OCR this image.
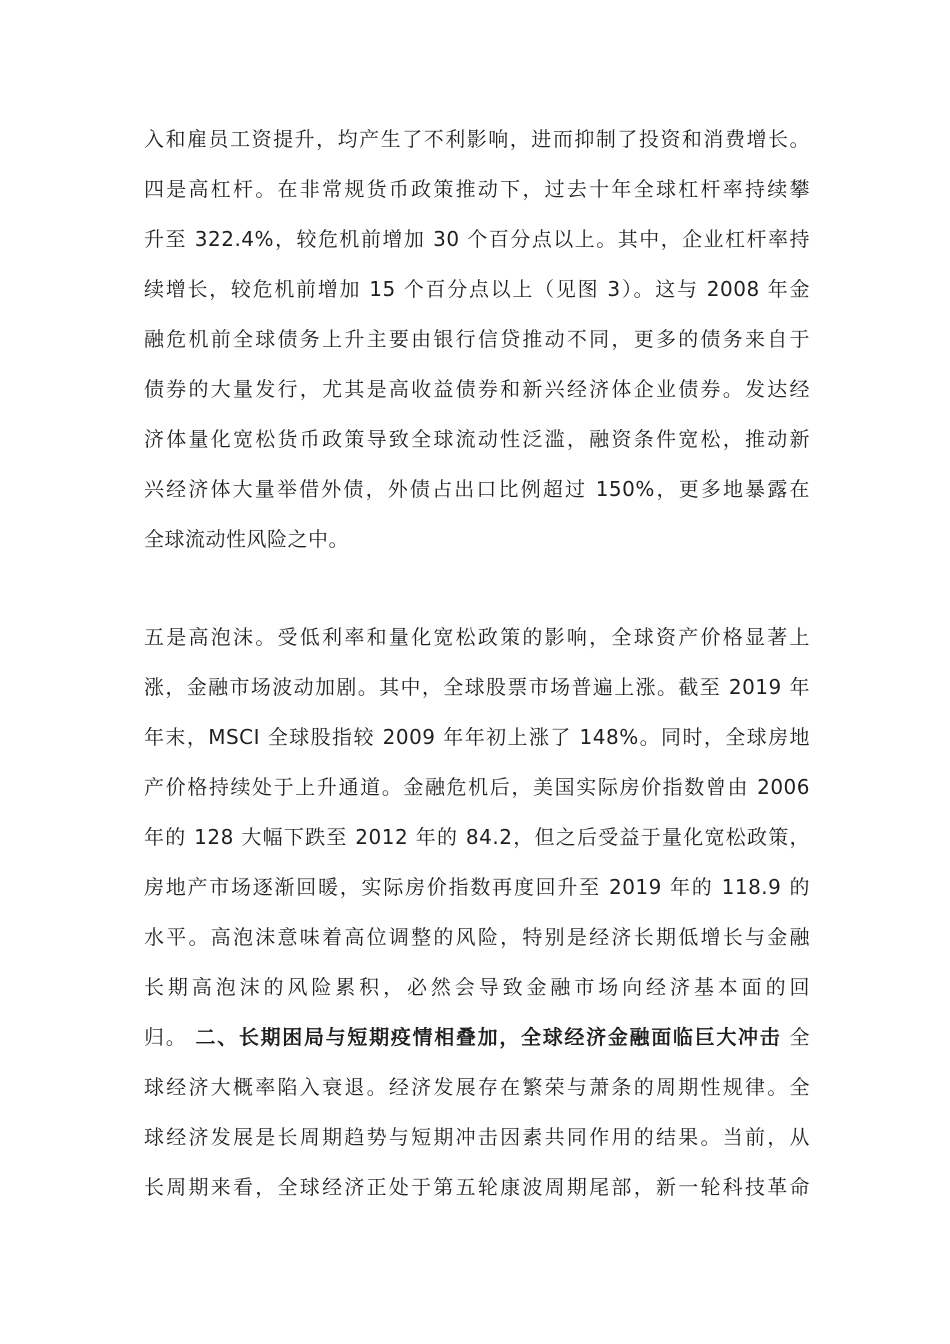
入和雇员工资提升，均产生了不利影响，进而抑制了投资和消费增长。
四是高杠杆。在非常规货币政策推动下，过去十年全球杠杆率持续攀
升至 322.4%，较危机前增加 30 个百分点以上。其中，企业杠杆率持
续增长，较危机前增加 15 个百分点以上（见图 3）。这与 2008 年金
融危机前全球债务上升主要由银行信贷推动不同，更多的债务来自于
债券的大量发行，尤其是高收益债券和新兴经济体企业债券。发达经
济体量化宽松货币政策导致全球流动性泛滥，融资条件宽松，推动新
兴经济体大量举借外债，外债占出口比例超过 150%，更多地暴露在
全球流动性风险之中。
五是高泡沫。受低利率和量化宽松政策的影响，全球资产价格显著上
涨，金融市场波动加剧。其中，全球股票市场普遍上涨。截至 2019 年
年末，MSCI 全球股指较 2009 年年初上涨了 148%。同时，全球房地
产价格持续处于上升通道。金融危机后，美国实际房价指数曾由 2006
年的 128 大幅下跌至 2012 年的 84.2，但之后受益于量化宽松政策，
房地产市场逐渐回暖，实际房价指数再度回升至 2019 年的 118.9 的
水平。高泡沫意味着高位调整的风险，特别是经济长期低增长与金融
长期高泡沫的风险累积，必然会导致金融市场向经济基本面的回
归。 二、长期困局与短期疫情相叠加，全球经济金融面临巨大冲击 全
球经济大概率陷入衰退。经济发展存在繁荣与萧条的周期性规律。全
球经济发展是长周期趋势与短期冲击因素共同作用的结果。当前，从
长周期来看，全球经济正处于第五轮康波周期尾部，新一轮科技革命
